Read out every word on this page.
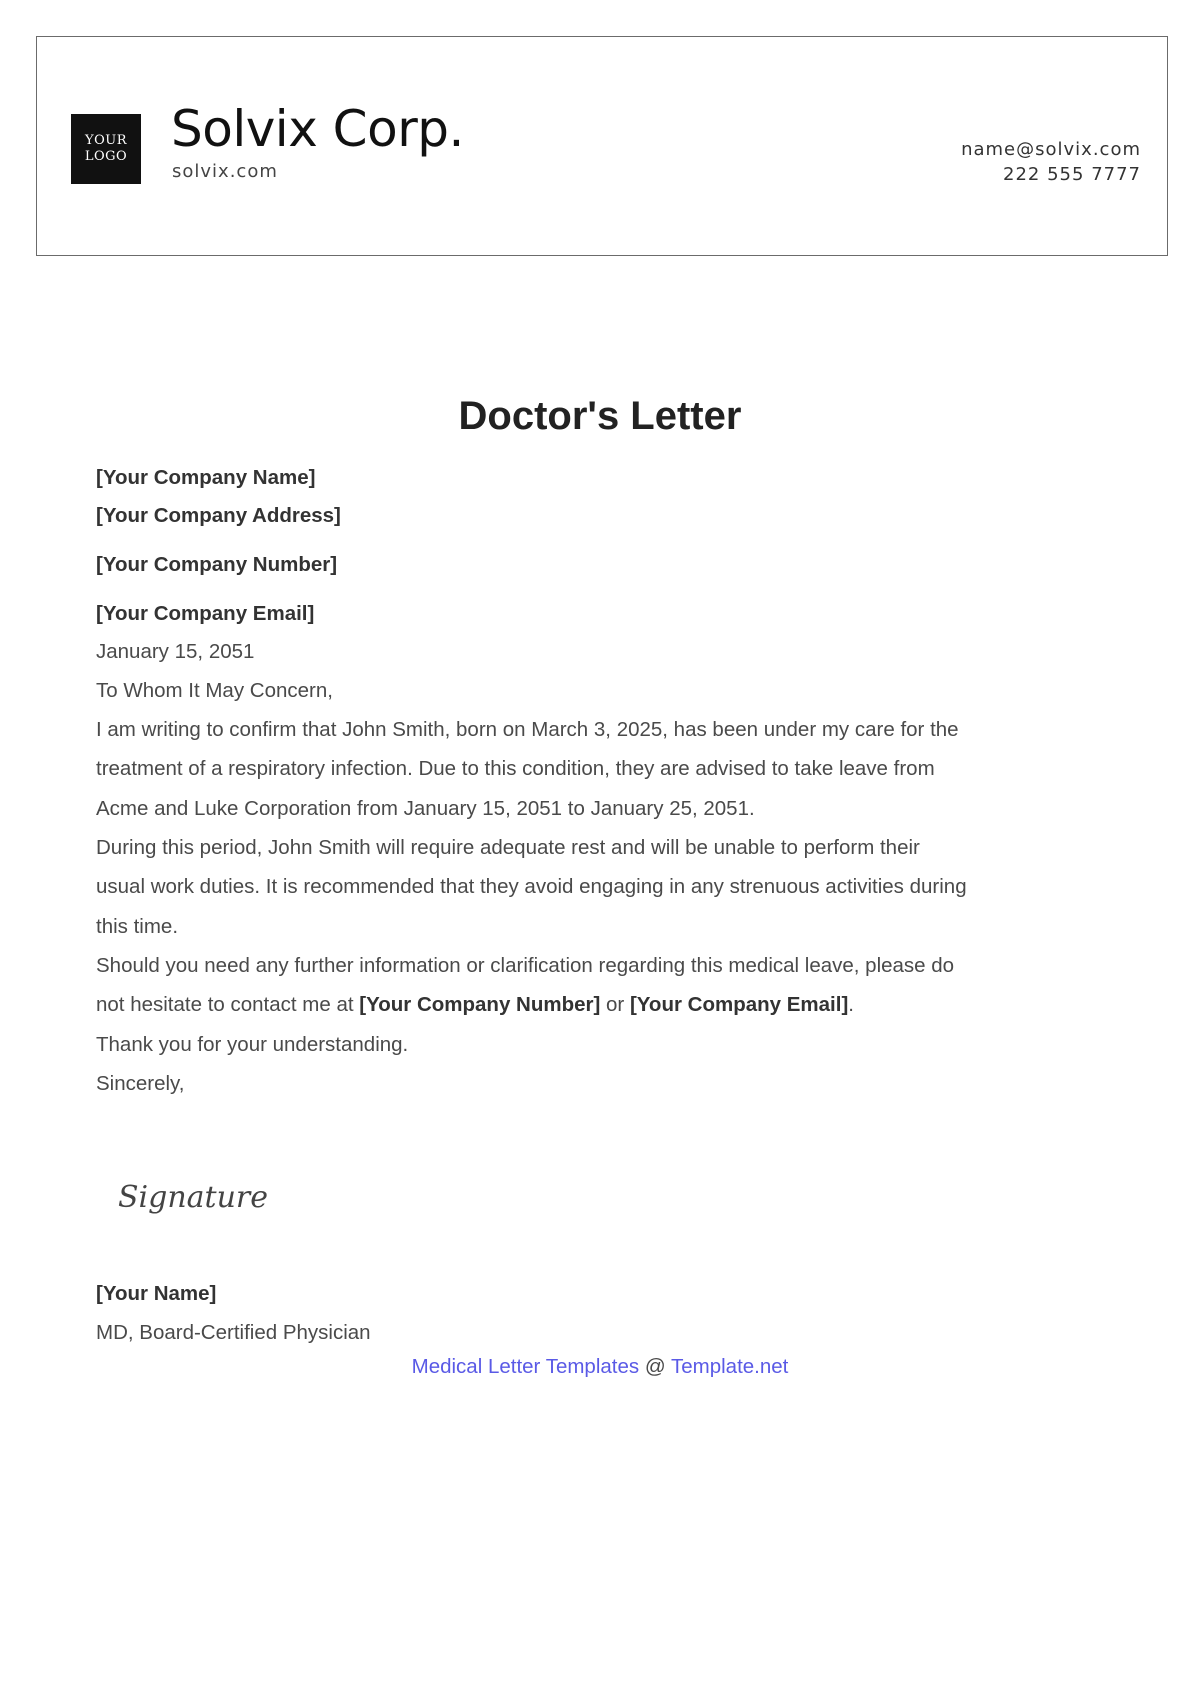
YOUR
LOGO Solvix Corp.
solvix.com
name@solvix.com
222 555 7777
Doctor's Letter
[Your Company Name]
[Your Company Address]
[Your Company Number]
[Your Company Email]
January 15, 2051
To Whom It May Concern,
I am writing to confirm that John Smith, born on March 3, 2025, has been under my care for the
treatment of a respiratory infection. Due to this condition, they are advised to take leave from
Acme and Luke Corporation from January 15, 2051 to January 25, 2051.
During this period, John Smith will require adequate rest and will be unable to perform their
usual work duties. It is recommended that they avoid engaging in any strenuous activities during
this time.
Should you need any further information or clarification regarding this medical leave, please do
not hesitate to contact me at [Your Company Number] or [Your Company Email].
Thank you for your understanding.
Sincerely,
[Your Name]
MD, Board-Certified Physician
Signature
Medical Letter Templates @ Template.net
